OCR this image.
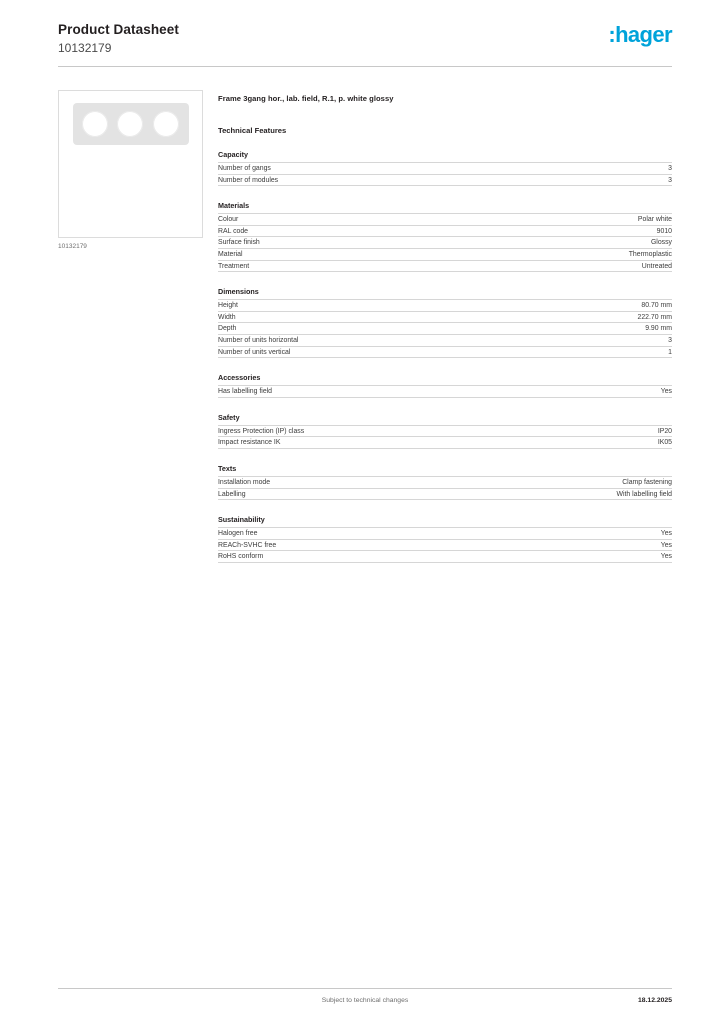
Product Datasheet
10132179
:hager
10132179
Frame 3gang hor., lab. field, R.1, p. white glossy
Technical Features
Capacity
Number of gangs	3
Number of modules	3
Materials
Colour	Polar white
RAL code	9010
Surface finish	Glossy
Material	Thermoplastic
Treatment	Untreated
Dimensions
Height	80.70 mm
Width	222.70 mm
Depth	9.90 mm
Number of units horizontal	3
Number of units vertical	1
Accessories
Has labelling field	Yes
Safety
Ingress Protection (IP) class	IP20
Impact resistance IK	IK05
Texts
Installation mode	Clamp fastening
Labelling	With labelling field
Sustainability
Halogen free	Yes
REACh-SVHC free	Yes
RoHS conform	Yes
Subject to technical changes	18.12.2025
